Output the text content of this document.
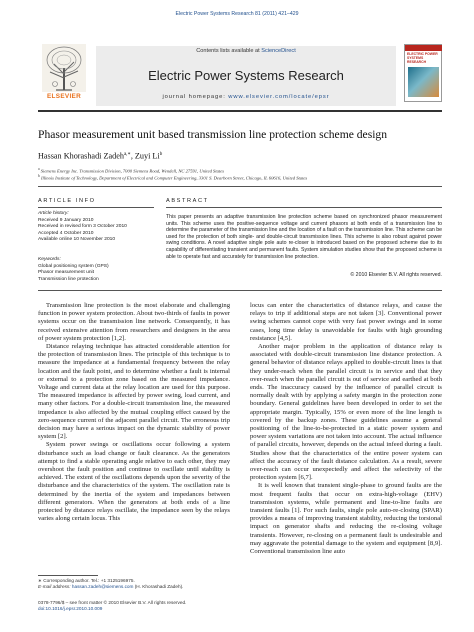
Electric Power Systems Research 81 (2011) 421–429
ELSEVIER
Contents lists available at ScienceDirect
Electric Power Systems Research
journal homepage: www.elsevier.com/locate/epsr
ELECTRIC POWER SYSTEMS RESEARCH
Phasor measurement unit based transmission line protection scheme design
Hassan Khorashadi Zadeh$^{a,∗}$, Zuyi Li$^b$
$^a$ Siemens Energy Inc. Transmission Division, 7000 Siemens Road, Wendell, NC 27591, United States
$^b$ Illinois Institute of Technology, Department of Electrical and Computer Engineering, 3301 S. Dearborn Street, Chicago, IL 60616, United States
ARTICLE INFO	ABSTRACT
Article history:
Received 9 January 2010
Received in revised form 3 October 2010
Accepted 4 October 2010
Available online 10 November 2010
Keywords:
Global positioning system (GPS)
Phasor measurement unit
Transmission line protection
This paper presents an adaptive transmission line protection scheme based on synchronized phasor measurement units. This scheme uses the positive-sequence voltage and current phasors at both ends of a transmission line to determine the parameter of the transmission line and the location of a fault on the transmission line. This scheme can be used for the protection of both single- and double-circuit transmission lines. This scheme is also robust against power swing conditions. A novel adaptive single pole auto re-closer is introduced based on the proposed scheme due to its capability of differentiating transient and permanent faults. System simulation studies show that the proposed scheme is able to operate fast and accurately for transmission line protection.
© 2010 Elsevier B.V. All rights reserved.

Transmission line protection is the most elaborate and challenging function in power system protection. About two-thirds of faults in power systems occur on the transmission line network. Consequently, it has received extensive attention from researchers and designers in the area of power system protection [1,2].

Distance relaying technique has attracted considerable attention for the protection of transmission lines. The principle of this technique is to measure the impedance at a fundamental frequency between the relay location and the fault point, and to determine whether a fault is internal or external to a protection zone based on the measured impedance. Voltage and current data at the relay location are used for this purpose. The measured impedance is affected by power swing, load current, and many other factors. For a double-circuit transmission line, the measured impedance is also affected by the mutual coupling effect caused by the zero-sequence current of the adjacent parallel circuit. The erroneous trip decision may have a serious impact on the dynamic stability of power system [2].

System power swings or oscillations occur following a system disturbance such as load change or fault clearance. As the generators attempt to find a stable operating angle relative to each other, they may overshoot the fault position and continue to oscillate until stability is achieved. The extent of the oscillations depends upon the severity of the disturbance and the characteristics of the system. The oscillation rate is determined by the inertia of the system and impedances between different generators. When the generators at both ends of a line protected by distance relays oscillate, the impedance seen by the relays varies along certain locus. This

locus can enter the characteristics of distance relays, and cause the relays to trip if additional steps are not taken [3]. Conventional power swing schemes cannot cope with very fast power swings and in some cases, long time delay is unavoidable for faults with high grounding resistance [4,5].

Another major problem in the application of distance relay is associated with double-circuit transmission line distance protection. A general behavior of distance relays applied to double-circuit lines is that they under-reach when the parallel circuit is in service and that they over-reach when the parallel circuit is out of service and earthed at both ends. The inaccuracy caused by the influence of parallel circuit is normally dealt with by applying a safety margin in the protection zone boundary. General guidelines have been developed in order to set the appropriate margin. Typically, 15% or even more of the line length is covered by the backup zones. These guidelines assume a general positioning of the line-to-be-protected in a static power system and power system variations are not taken into account. The actual influence of parallel circuits, however, depends on the actual infeed during a fault. Studies show that the characteristics of the entire power system can affect the accuracy of the fault distance calculation. As a result, severe over-reach can occur unexpectedly and affect the selectivity of the protection system [6,7].

It is well known that transient single-phase to ground faults are the most frequent faults that occur on extra-high-voltage (EHV) transmission systems, while permanent and line-to-line faults are transient faults [1]. For such faults, single pole auto-re-closing (SPAR) provides a means of improving transient stability, reducing the torsional impact on generator shafts and reducing the re-closing voltage transients. However, re-closing on a permanent fault is undesirable and may aggravate the potential damage to the system and equipment [8,9]. Conventional transmission line auto

∗ Corresponding author. Tel.: +1 3125196975.
E-mail address: hassan.zadeh@siemens.com (H. Khorashadi Zadeh).
0378-7796/$ – see front matter © 2010 Elsevier B.V. All rights reserved.
doi:10.1016/j.epsr.2010.10.009
